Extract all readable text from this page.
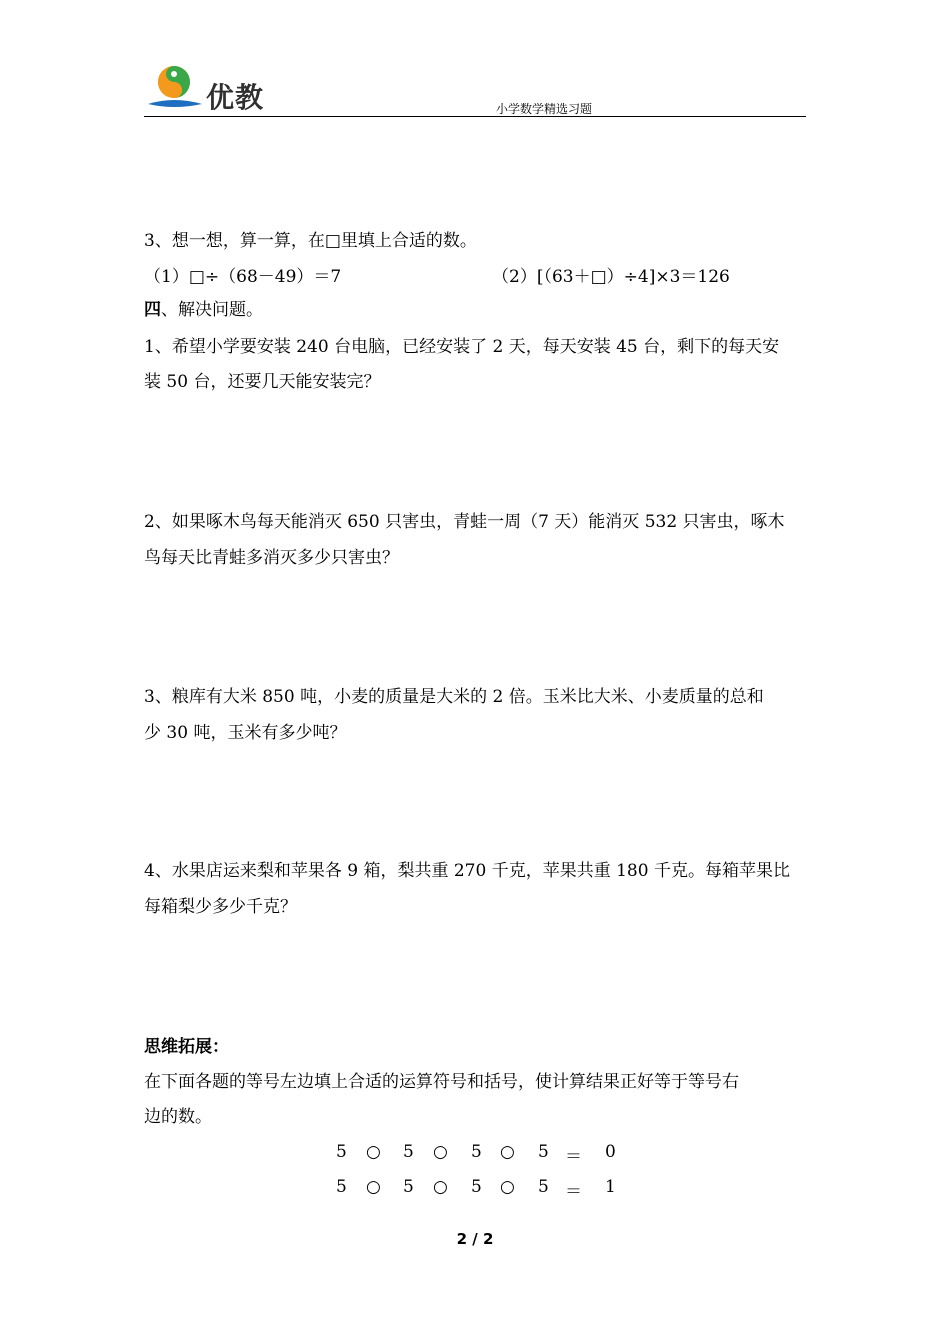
优教	小学数学精选习题
3、想一想，算一算，在□里填上合适的数。
（1）□÷（68－49）＝7	（2）[（63＋□）÷4]×3＝126
四、解决问题。
1、希望小学要安装 240 台电脑，已经安装了 2 天，每天安装 45 台，剩下的每天安
装 50 台，还要几天能安装完？
2、如果啄木鸟每天能消灭 650 只害虫，青蛙一周（7 天）能消灭 532 只害虫，啄木
鸟每天比青蛙多消灭多少只害虫？
3、粮库有大米 850 吨，小麦的质量是大米的 2 倍。玉米比大米、小麦质量的总和
少 30 吨，玉米有多少吨？
4、水果店运来梨和苹果各 9 箱，梨共重 270 千克，苹果共重 180 千克。每箱苹果比
每箱梨少多少千克？
思维拓展：
在下面各题的等号左边填上合适的运算符号和括号，使计算结果正好等于等号右
边的数。
5 ○ 5 ○ 5 ○ 5 ＝ 0
5 ○ 5 ○ 5 ○ 5 ＝ 1
2 / 2
